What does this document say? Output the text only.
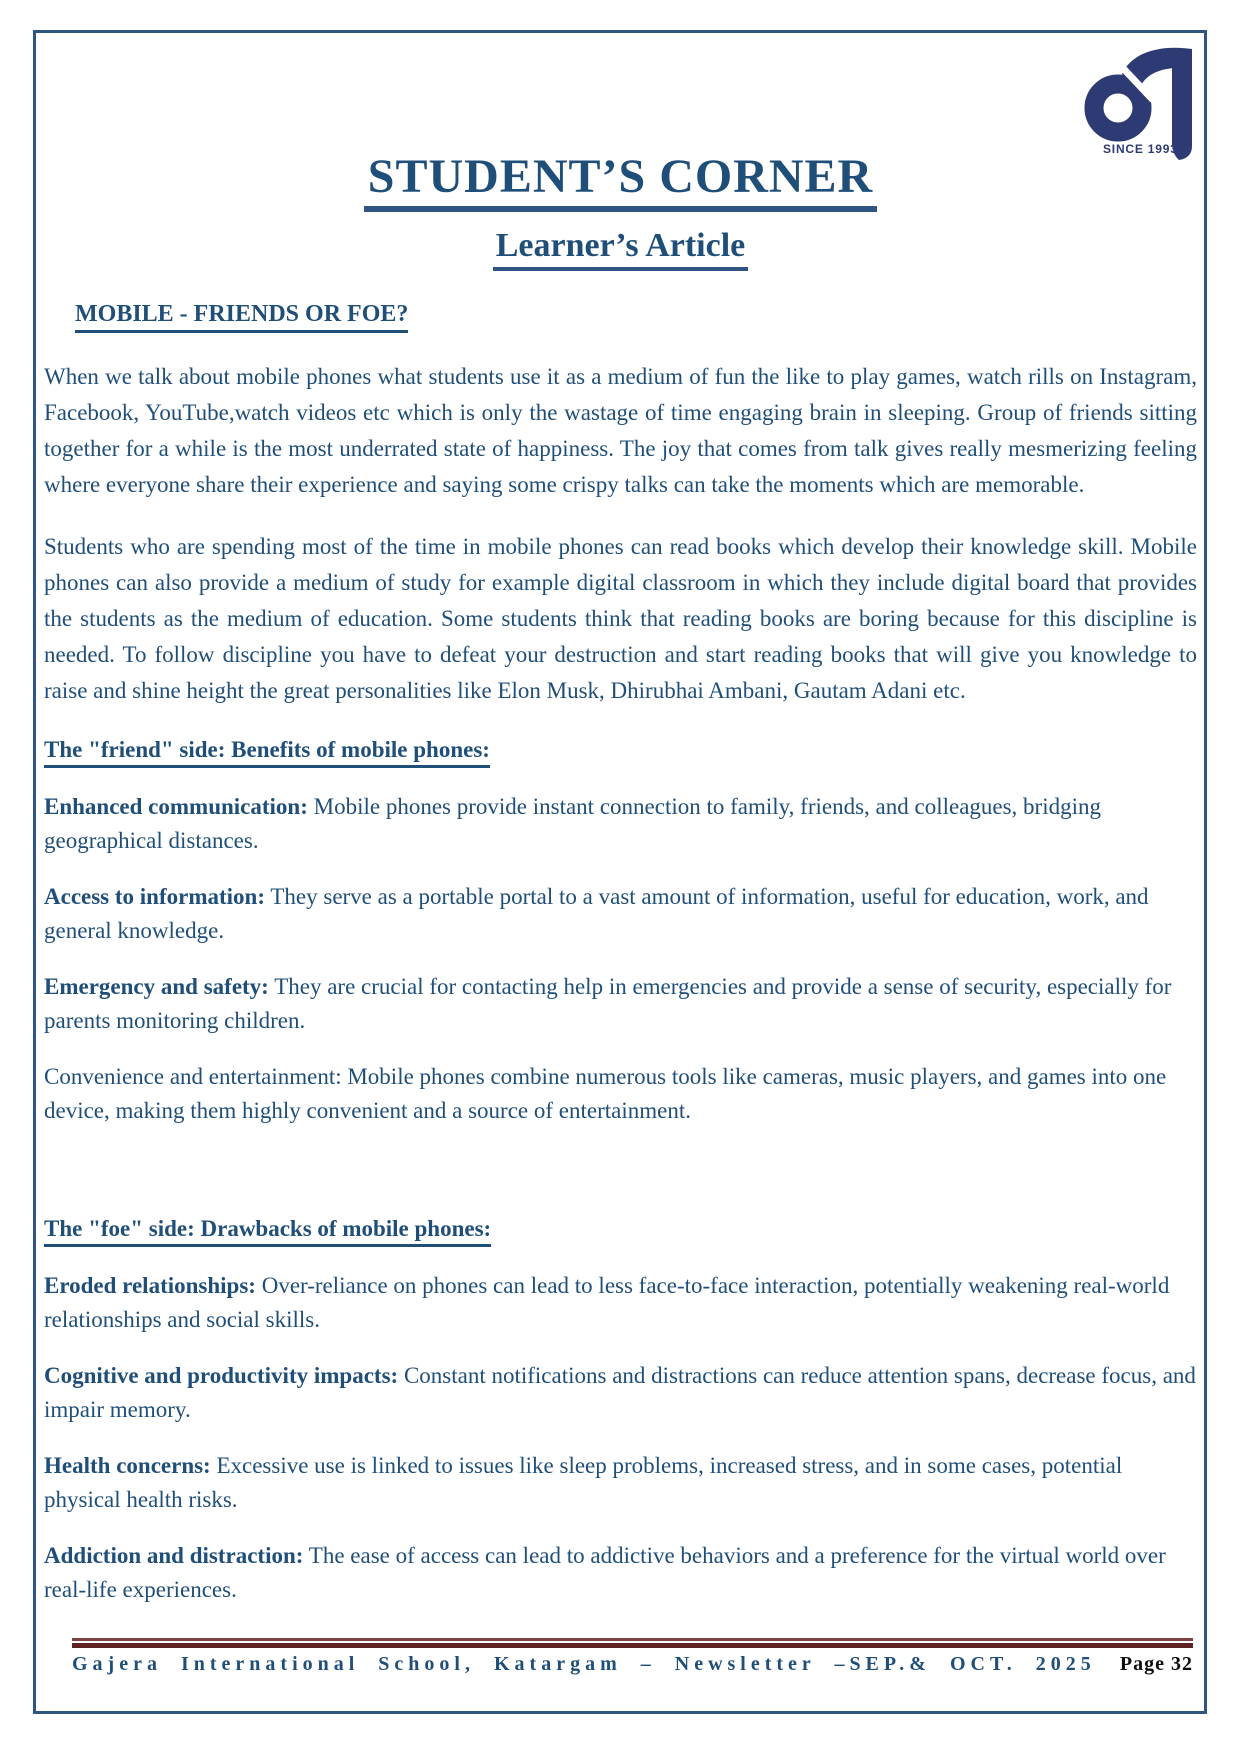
SINCE 1993
STUDENT’S CORNER
Learner’s Article
MOBILE - FRIENDS OR FOE?

When we talk about mobile phones what students use it as a medium of fun the like to play games, watch rills on Instagram, Facebook, YouTube,watch videos etc which is only the wastage of time engaging brain in sleeping. Group of friends sitting together for a while is the most underrated state of happiness. The joy that comes from talk gives really mesmerizing feeling where everyone share their experience and saying some crispy talks can take the moments which are memorable.

Students who are spending most of the time in mobile phones can read books which develop their knowledge skill. Mobile phones can also provide a medium of study for example digital classroom in which they include digital board that provides the students as the medium of education. Some students think that reading books are boring because for this discipline is needed. To follow discipline you have to defeat your destruction and start reading books that will give you knowledge to raise and shine height the great personalities like Elon Musk, Dhirubhai Ambani, Gautam Adani etc.

The "friend" side: Benefits of mobile phones:

Enhanced communication: Mobile phones provide instant connection to family, friends, and colleagues, bridging geographical distances.

Access to information: They serve as a portable portal to a vast amount of information, useful for education, work, and general knowledge.

Emergency and safety: They are crucial for contacting help in emergencies and provide a sense of security, especially for parents monitoring children.

Convenience and entertainment: Mobile phones combine numerous tools like cameras, music players, and games into one device, making them highly convenient and a source of entertainment.

The "foe" side: Drawbacks of mobile phones:

Eroded relationships: Over-reliance on phones can lead to less face-to-face interaction, potentially weakening real-world relationships and social skills.

Cognitive and productivity impacts: Constant notifications and distractions can reduce attention spans, decrease focus, and impair memory.

Health concerns: Excessive use is linked to issues like sleep problems, increased stress, and in some cases, potential physical health risks.

Addiction and distraction: The ease of access can lead to addictive behaviors and a preference for the virtual world over real-life experiences.

Gajera International School, Katargam – Newsletter –SEP.& OCT. 2025 Page 32
